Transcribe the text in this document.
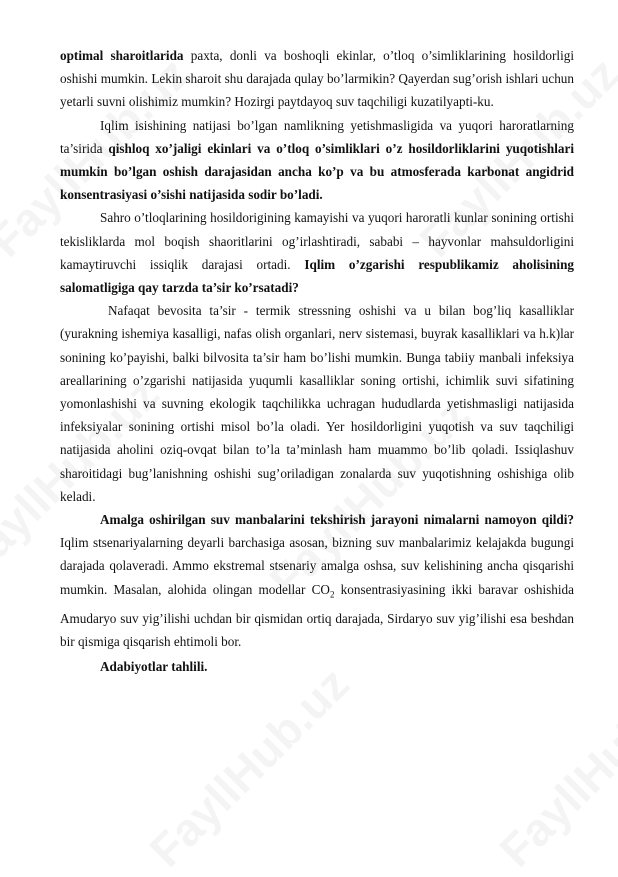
optimal sharoitlarida paxta, donli va boshoqli ekinlar, o’tloq o’simliklarining hosildorligi oshishi mumkin. Lekin sharoit shu darajada qulay bo’larmikin? Qayerdan sug’orish ishlari uchun yetarli suvni olishimiz mumkin? Hozirgi paytdayoq suv taqchiligi kuzatilyapti-ku.

Iqlim isishining natijasi bo’lgan namlikning yetishmasligida va yuqori haroratlarning ta’sirida qishloq xo’jaligi ekinlari va o’tloq o’simliklari o’z hosildorliklarini yuqotishlari mumkin bo’lgan oshish darajasidan ancha ko’p va bu atmosferada karbonat angidrid konsentrasiyasi o’sishi natijasida sodir bo’ladi.

Sahro o’tloqlarining hosildorigining kamayishi va yuqori haroratli kunlar sonining ortishi tekisliklarda mol boqish shaoritlarini og’irlashtiradi, sababi – hayvonlar mahsuldorligini kamaytiruvchi issiqlik darajasi ortadi. Iqlim o’zgarishi respublikamiz aholisining salomatligiga qay tarzda ta’sir ko’rsatadi?

Nafaqat bevosita ta’sir - termik stressning oshishi va u bilan bog’liq kasalliklar (yurakning ishemiya kasalligi, nafas olish organlari, nerv sistemasi, buyrak kasalliklari va h.k)lar sonining ko’payishi, balki bilvosita ta’sir ham bo’lishi mumkin. Bunga tabiiy manbali infeksiya areallarining o’zgarishi natijasida yuqumli kasalliklar soning ortishi, ichimlik suvi sifatining yomonlashishi va suvning ekologik taqchilikka uchragan hududlarda yetishmasligi natijasida infeksiyalar sonining ortishi misol bo’la oladi. Yer hosildorligini yuqotish va suv taqchiligi natijasida aholini oziq-ovqat bilan to’la ta’minlash ham muammo bo’lib qoladi. Issiqlashuv sharoitidagi bug’lanishning oshishi sug’oriladigan zonalarda suv yuqotishning oshishiga olib keladi.

Amalga oshirilgan suv manbalarini tekshirish jarayoni nimalarni namoyon qildi? Iqlim stsenariyalarning deyarli barchasiga asosan, bizning suv manbalarimiz kelajakda bugungi darajada qolaveradi. Ammo ekstremal stsenariy amalga oshsa, suv kelishining ancha qisqarishi mumkin. Masalan, alohida olingan modellar $CO_2$ konsentrasiyasining ikki baravar oshishida Amudaryo suv yig’ilishi uchdan bir qismidan ortiq darajada, Sirdaryo suv yig’ilishi esa beshdan bir qismiga qisqarish ehtimoli bor.

Adabiyotlar tahlili.
